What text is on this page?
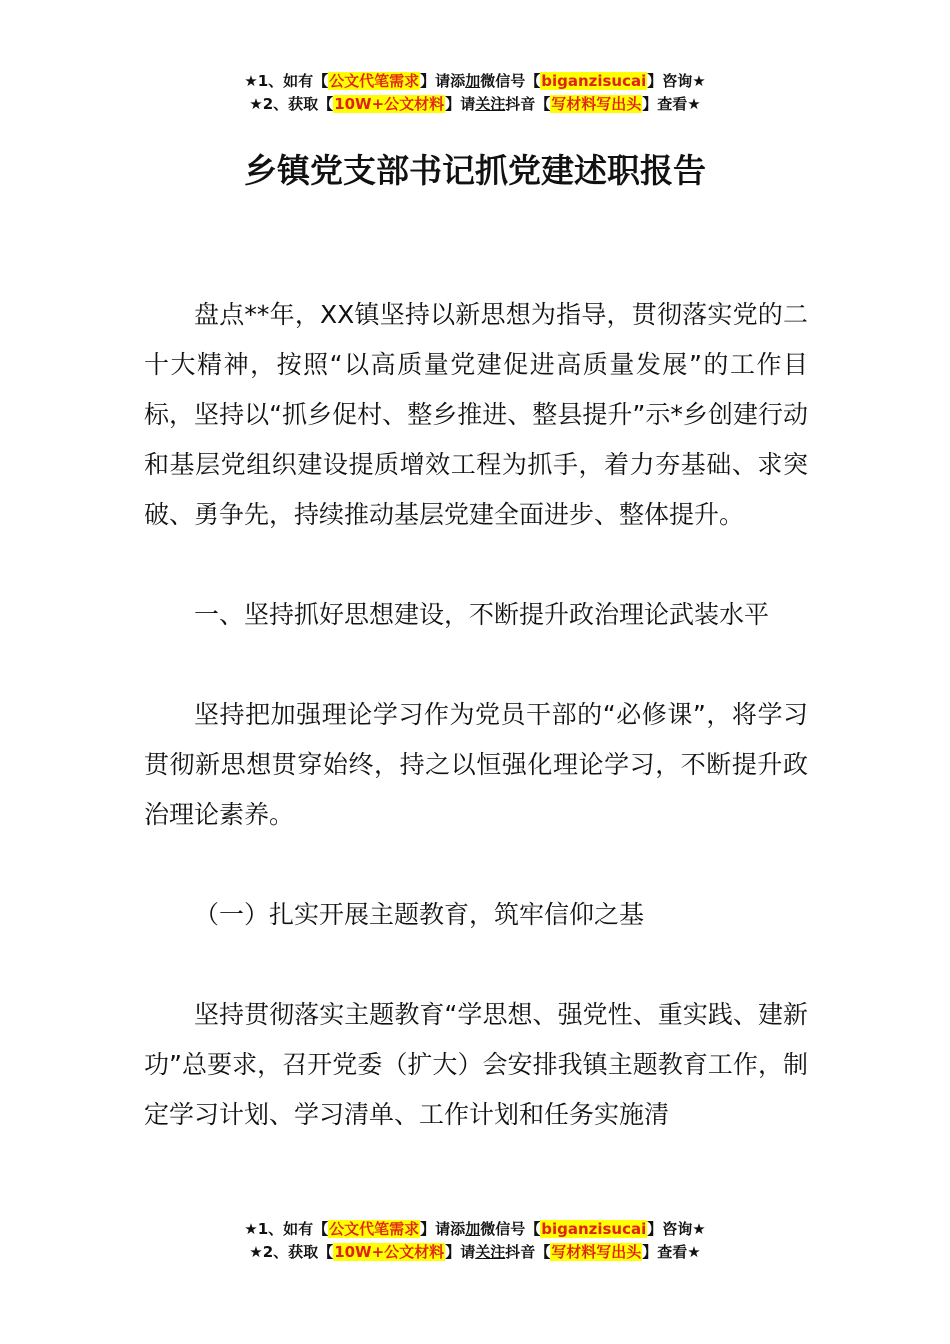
★1、如有【公文代笔需求】请添加微信号【biganzisucai】咨询★
★2、获取【10W+公文材料】请关注抖音【写材料写出头】查看★
乡镇党支部书记抓党建述职报告

盘点**年，XX镇坚持以新思想为指导，贯彻落实党的二十大精神，按照“以高质量党建促进高质量发展”的工作目标，坚持以“抓乡促村、整乡推进、整县提升”示*乡创建行动和基层党组织建设提质增效工程为抓手，着力夯基础、求突破、勇争先，持续推动基层党建全面进步、整体提升。

一、坚持抓好思想建设，不断提升政治理论武装水平

坚持把加强理论学习作为党员干部的“必修课”，将学习贯彻新思想贯穿始终，持之以恒强化理论学习，不断提升政治理论素养。

（一）扎实开展主题教育，筑牢信仰之基

坚持贯彻落实主题教育“学思想、强党性、重实践、建新功”总要求，召开党委（扩大）会安排我镇主题教育工作，制定学习计划、学习清单、工作计划和任务实施清

★1、如有【公文代笔需求】请添加微信号【biganzisucai】咨询★
★2、获取【10W+公文材料】请关注抖音【写材料写出头】查看★
